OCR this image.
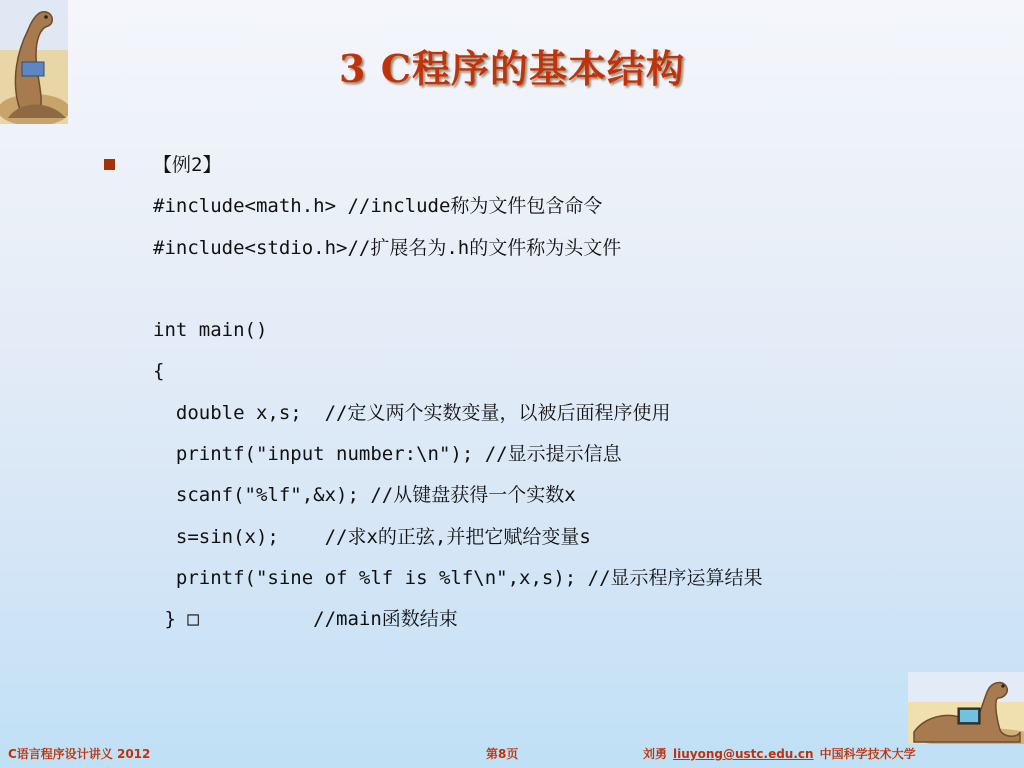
3 C程序的基本结构
【例2】
#include<math.h> //include称为文件包含命令
#include<stdio.h>//扩展名为.h的文件称为头文件
int main()
{
double x,s;  //定义两个实数变量，以被后面程序使用
printf("input number:\n"); //显示提示信息
scanf("%lf",&x); //从键盘获得一个实数x
s=sin(x);    //求x的正弦,并把它赋给变量s
printf("sine of %lf is %lf\n",x,s); //显示程序运算结果
} □          //main函数结束
C语言程序设计讲义 2012	第8页	刘勇 liuyong@ustc.edu.cn 中国科学技术大学
